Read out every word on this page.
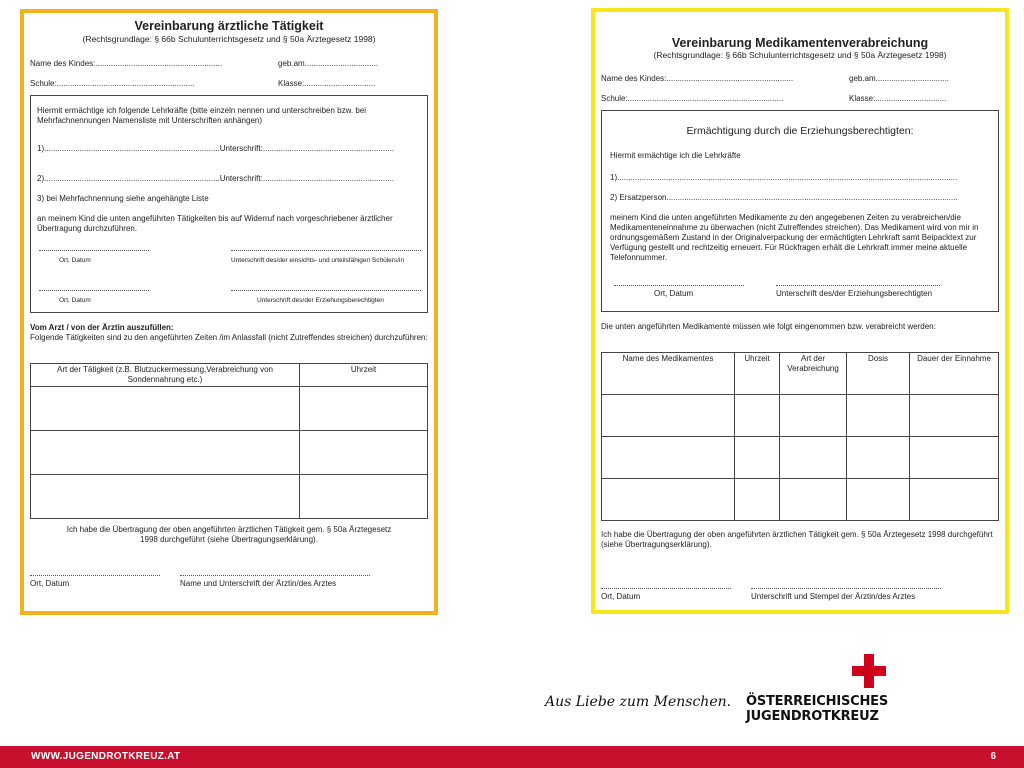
Vereinbarung ärztliche Tätigkeit
(Rechtsgrundlage: § 66b Schulunterrichtsgesetz und § 50a Ärztegesetz 1998)
Name des Kindes:.........................................................	geb.am.................................
Schule:..............................................................	Klasse:................................
Hiermit ermächtige ich folgende Lehrkräfte (bitte einzeln nennen und unterschreiben bzw. bei Mehrfachnennungen Namensliste mit Unterschriften anhängen)
1)...............................................................................Unterschrift:...........................................................
2)...............................................................................Unterschrift:...........................................................
3) bei Mehrfachnennung siehe angehängte Liste
an meinem Kind die unten angeführten Tätigkeiten bis auf Widerruf nach vorgeschriebener ärztlicher Übertragung durchzuführen.
Ort, Datum	Unterschrift des/der einsichts- und urteilsfähigen Schülers/in
Ort, Datum	Unterschrift des/der Erziehungsberechtigten
Vom Arzt / von der Ärztin auszufüllen:
Folgende Tätigkeiten sind zu den angeführten Zeiten /im Anlassfall (nicht Zutreffendes streichen) durchzuführen:
Art der Tätigkeit (z.B. Blutzuckermessung,Verabreichung von Sondennahrung etc.)	Uhrzeit

Ich habe die Übertragung der oben angeführten ärztlichen Tätigkeit gem. § 50a Ärztegesetz 1998 durchgeführt (siehe Übertragungserklärung).
Ort, Datum	Name und Unterschrift der Ärztin/des Arztes
Vereinbarung Medikamentenverabreichung
(Rechtsgrundlage: § 66b Schulunterrichtsgesetz und § 50a Ärztegesetz 1998)
Name des Kindes:.........................................................	geb.am.................................
Schule:......................................................................	Klasse:................................
Ermächtigung durch die Erziehungsberechtigten:
Hiermit ermächtige ich die Lehrkräfte
1).........................................................................................................................................................
2) Ersatzperson...................................................................................................................................
meinem Kind die unten angeführten Medikamente zu den angegebenen Zeiten zu verabreichen/die Medikamenteneinnahme zu überwachen (nicht Zutreffendes streichen). Das Medikament wird von mir in ordnungsgemäßem Zustand in der Originalverpackung der ermächtigten Lehrkraft samt Beipacktext zur Verfügung gestellt und rechtzeitig erneuert. Für Rückfragen erhält die Lehrkraft immer meine aktuelle Telefonnummer.
Ort, Datum	Unterschrift des/der Erziehungsberechtigten
Die unten angeführten Medikamente müssen wie folgt eingenommen bzw. verabreicht werden:
Name des Medikamentes	Uhrzeit	Art der Verabreichung	Dosis	Dauer der Einnahme

Ich habe die Übertragung der oben angeführten ärztlichen Tätigkeit gem. § 50a Ärztegesetz 1998 durchgeführt (siehe Übertragungserklärung).
Ort, Datum	Unterschrift und Stempel der Ärztin/des Arztes
Aus Liebe zum Menschen. ÖSTERREICHISCHES JUGENDROTKREUZ
WWW.JUGENDROTKREUZ.AT	6
